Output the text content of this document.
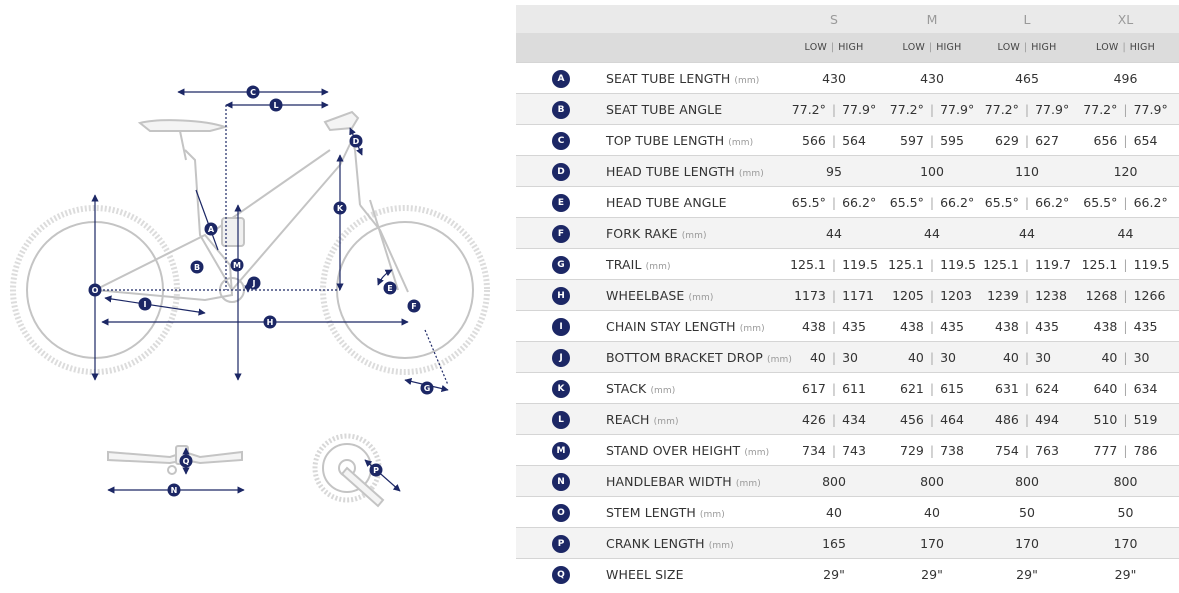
C
L
D
K
A
B	M
J
O
I
E
F
H
G
Q
N
P
		S	M	L	XL
		LOW | HIGH	LOW | HIGH	LOW | HIGH	LOW | HIGH
A	SEAT TUBE LENGTH (mm)	430	430	465	496
B	SEAT TUBE ANGLE	77.2° | 77.9°	77.2° | 77.9°	77.2° | 77.9°	77.2° | 77.9°

C	TOP TUBE LENGTH (mm)	566 | 564	597 | 595	629 | 627	656 | 654

D	HEAD TUBE LENGTH (mm)	95	100	110	120
E	HEAD TUBE ANGLE	65.5° | 66.2°	65.5° | 66.2°	65.5° | 66.2°	65.5° | 66.2°

F	FORK RAKE (mm)	44	44	44	44
G	TRAIL (mm)	125.1 | 119.5	125.1 | 119.5	125.1 | 119.7	125.1 | 119.5

H	WHEELBASE (mm)	1173 | 1171	1205 | 1203	1239 | 1238	1268 | 1266

I	CHAIN STAY LENGTH (mm)	438 | 435	438 | 435	438 | 435	438 | 435

J	BOTTOM BRACKET DROP (mm)	40 | 30	40 | 30	40 | 30	40 | 30

K	STACK (mm)	617 | 611	621 | 615	631 | 624	640 | 634

L	REACH (mm)	426 | 434	456 | 464	486 | 494	510 | 519

M	STAND OVER HEIGHT (mm)	734 | 743	729 | 738	754 | 763	777 | 786

N	HANDLEBAR WIDTH (mm)	800	800	800	800
O	STEM LENGTH (mm)	40	40	50	50
P	CRANK LENGTH (mm)	165	170	170	170
Q	WHEEL SIZE	29"	29"	29"	29"
